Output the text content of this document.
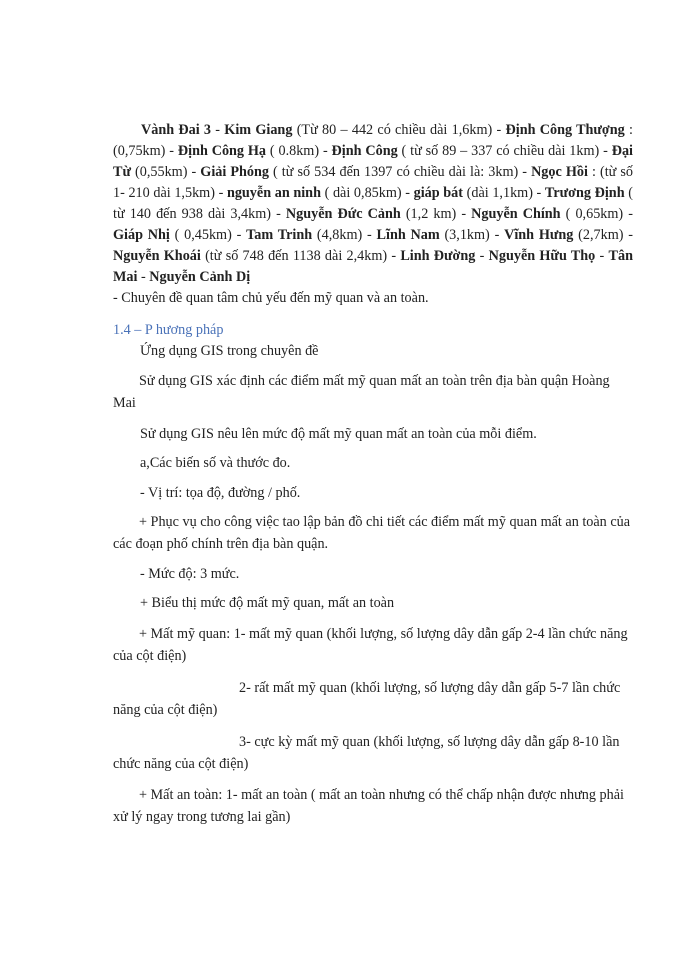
Vành Đai 3 - Kim Giang (Từ 80 – 442 có chiều dài 1,6km) - Định Công Thượng : (0,75km) - Định Công Hạ ( 0.8km) - Định Công ( từ số 89 – 337 có chiều dài 1km) - Đại Từ (0,55km) - Giải Phóng ( từ số 534 đến 1397 có chiều dài là: 3km) - Ngọc Hồi : (từ số 1- 210 dài 1,5km) - nguyễn an ninh ( dài 0,85km) - giáp bát (dài 1,1km) - Trương Định ( từ 140 đến 938 dài 3,4km) - Nguyễn Đức Cảnh (1,2 km) - Nguyễn Chính ( 0,65km) - Giáp Nhị ( 0,45km) - Tam Trinh (4,8km) - Lĩnh Nam (3,1km) - Vĩnh Hưng (2,7km) - Nguyễn Khoái (từ số 748 đến 1138 dài 2,4km) - Linh Đường - Nguyễn Hữu Thọ - Tân Mai - Nguyễn Cảnh Dị

- Chuyên đề quan tâm chủ yếu đến mỹ quan và an toàn.

1.4 – P hương pháp
Ứng dụng GIS trong chuyên đề
Sử dụng GIS xác định các điểm mất mỹ quan mất an toàn trên địa bàn quận Hoàng Mai
Sử dụng GIS nêu lên mức độ mất mỹ quan mất an toàn của mỗi điểm.
a,Các biến số và thước đo.
- Vị trí: tọa độ, đường / phố.
+ Phục vụ cho công việc tao lập bản đồ chi tiết các điểm mất mỹ quan mất an toàn của các đoạn phố chính trên địa bàn quận.
- Mức độ: 3 mức.
+ Biểu thị mức độ mất mỹ quan, mất an toàn
+ Mất mỹ quan: 1- mất mỹ quan (khối lượng, số lượng dây dẫn gấp 2-4 lần chức năng của cột điện)
2- rất mất mỹ quan (khối lượng, số lượng dây dẫn gấp 5-7 lần chức năng của cột điện)
3- cực kỳ mất mỹ quan (khối lượng, số lượng dây dẫn gấp 8-10 lần chức năng của cột điện)
+ Mất an toàn: 1- mất an toàn ( mất an toàn nhưng có thể chấp nhận được nhưng phải xử lý ngay trong tương lai gần)
